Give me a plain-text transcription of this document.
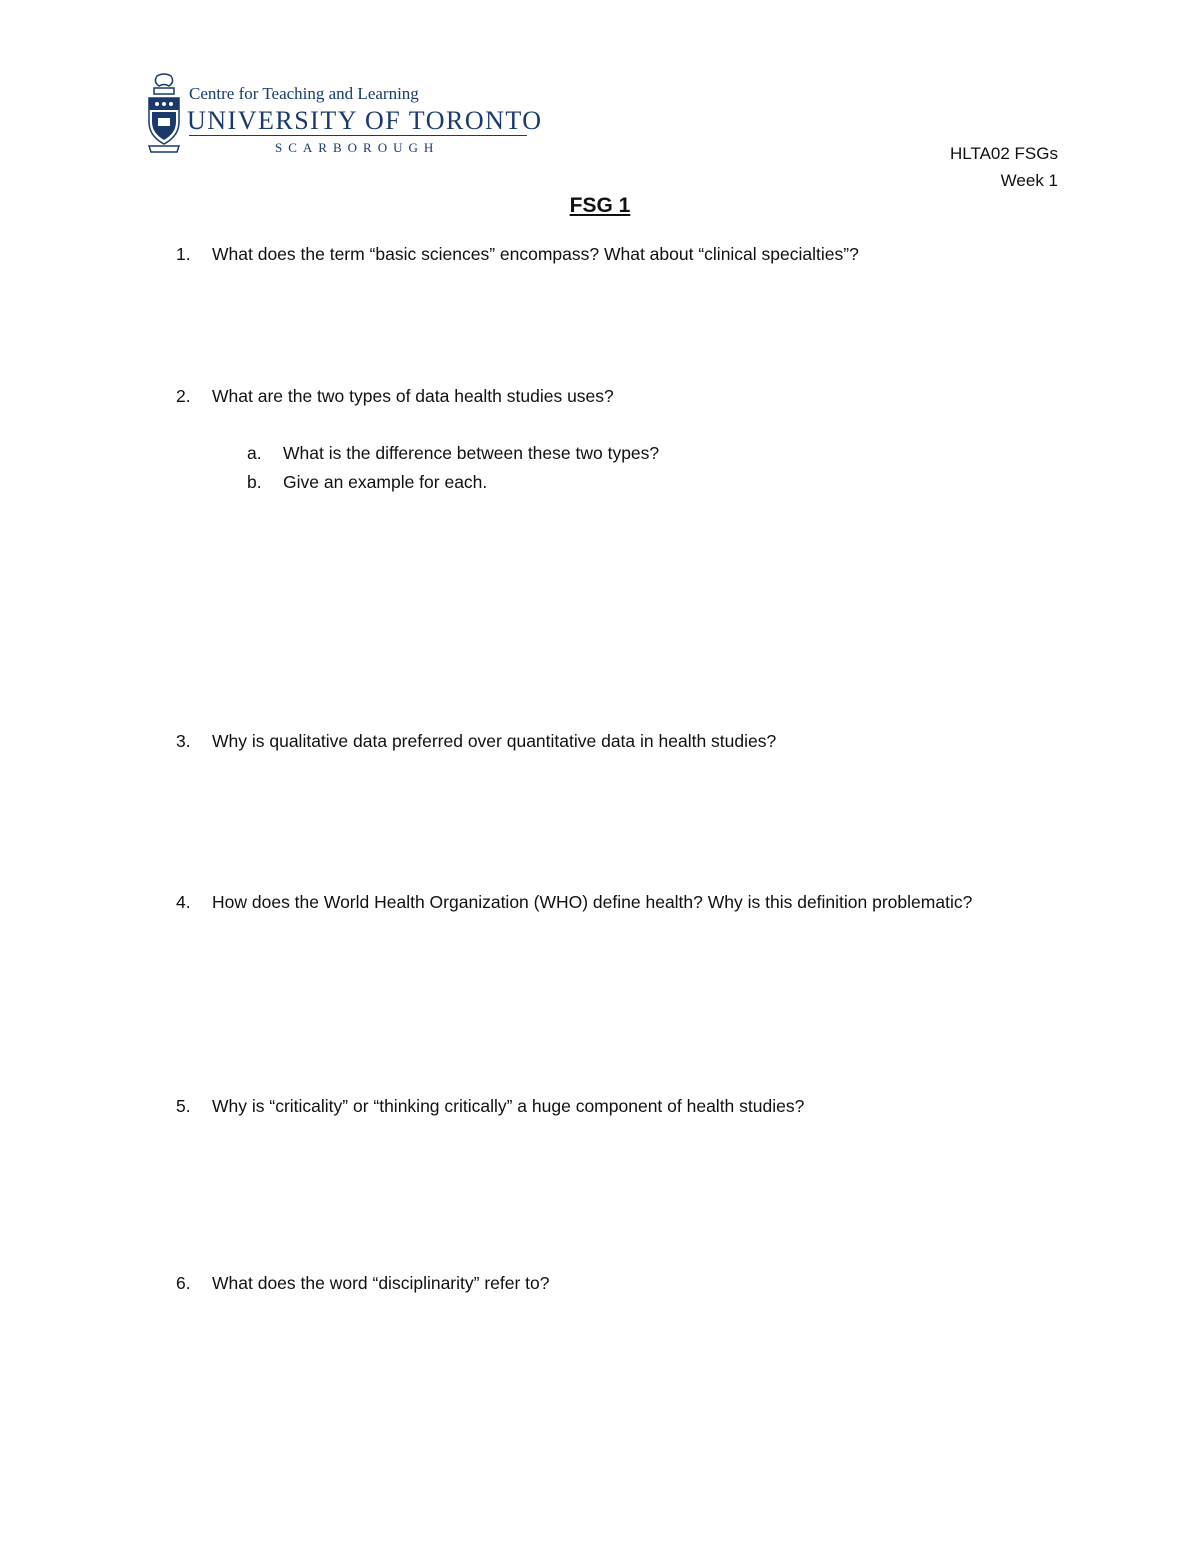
Centre for Teaching and Learning
UNIVERSITY OF TORONTO
SCARBOROUGH	HLTA02 FSGs
Week 1
FSG 1
1. What does the term “basic sciences” encompass? What about “clinical specialties”?
2. What are the two types of data health studies uses?
a. What is the difference between these two types?
b. Give an example for each.
3. Why is qualitative data preferred over quantitative data in health studies?
4. How does the World Health Organization (WHO) define health? Why is this definition problematic?
5. Why is “criticality” or “thinking critically” a huge component of health studies?
6. What does the word “disciplinarity” refer to?
